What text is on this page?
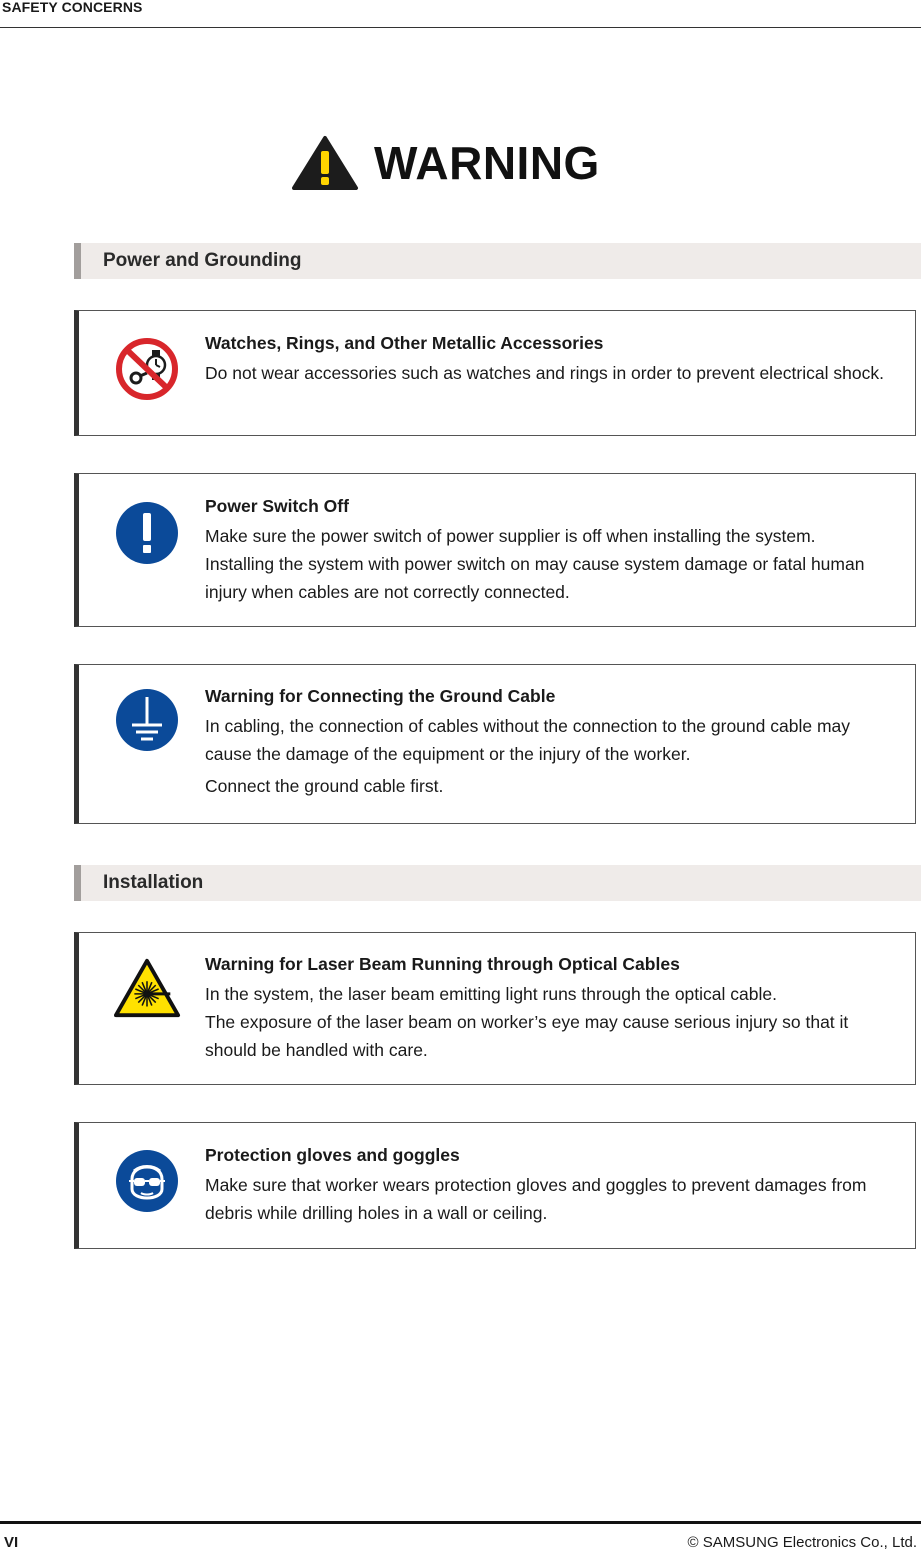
SAFETY CONCERNS
WARNING
Power and Grounding
Watches, Rings, and Other Metallic Accessories

Do not wear accessories such as watches and rings in order to prevent electrical shock.

Power Switch Off

Make sure the power switch of power supplier is off when installing the system. Installing the system with power switch on may cause system damage or fatal human injury when cables are not correctly connected.

Warning for Connecting the Ground Cable

In cabling, the connection of cables without the connection to the ground cable may cause the damage of the equipment or the injury of the worker.

Connect the ground cable first.

Installation
Warning for Laser Beam Running through Optical Cables

In the system, the laser beam emitting light runs through the optical cable.

The exposure of the laser beam on worker’s eye may cause serious injury so that it should be handled with care.

Protection gloves and goggles

Make sure that worker wears protection gloves and goggles to prevent damages from debris while drilling holes in a wall or ceiling.

VI	© SAMSUNG Electronics Co., Ltd.
